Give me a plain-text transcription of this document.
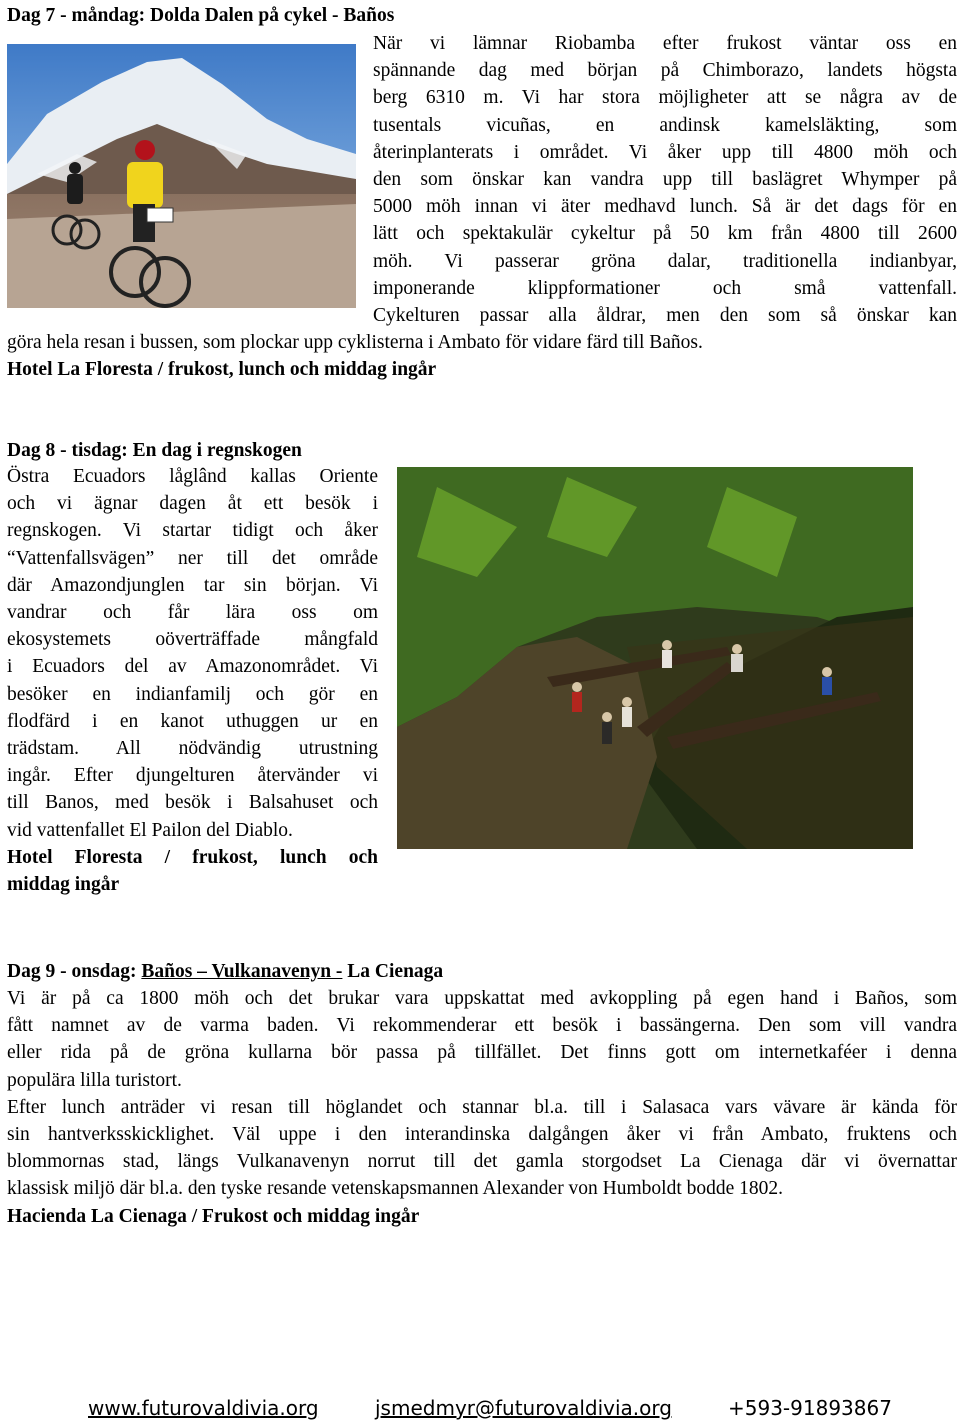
Dag 7 - måndag: Dolda Dalen på cykel - Baños
När vi lämnar Riobamba efter frukost väntar oss en
spännande dag med början på Chimborazo, landets högsta
berg 6310 m. Vi har stora möjligheter att se några av de
tusentals vicuñas, en andinsk kamelsläkting, som
återinplanterats i området. Vi åker upp till 4800 möh och
den som önskar kan vandra upp till baslägret Whymper på
5000 möh innan vi äter medhavd lunch. Så är det dags för en
lätt och spektakulär cykeltur på 50 km från 4800 till 2600
möh. Vi passerar gröna dalar, traditionella indianbyar,
imponerande klippformationer och små vattenfall.
Cykelturen passar alla åldrar, men den som så önskar kan
göra hela resan i bussen, som plockar upp cyklisterna i Ambato för vidare färd till Baños.
Hotel La Floresta / frukost, lunch och middag ingår
Dag 8 - tisdag: En dag i regnskogen
Östra Ecuadors låglând kallas Oriente
och vi ägnar dagen åt ett besök i
regnskogen. Vi startar tidigt och åker
“Vattenfallsvägen” ner till det område
där Amazondjunglen tar sin början. Vi
vandrar och får lära oss om
ekosystemets oöverträffade mångfald
i Ecuadors del av Amazonområdet. Vi
besöker en indianfamilj och gör en
flodfärd i en kanot uthuggen ur en
trädstam. All nödvändig utrustning
ingår. Efter djungelturen återvänder vi
till Banos, med besök i Balsahuset och
vid vattenfallet El Pailon del Diablo.
Hotel Floresta / frukost, lunch och
middag ingår
Dag 9 - onsdag: Baños – Vulkanavenyn - La Cienaga
Vi är på ca 1800 möh och det brukar vara uppskattat med avkoppling på egen hand i Baños, som
fått namnet av de varma baden. Vi rekommenderar ett besök i bassängerna. Den som vill vandra
eller rida på de gröna kullarna bör passa på tillfället. Det finns gott om internetkaféer i denna
populära lilla turistort.
Efter lunch anträder vi resan till höglandet och stannar bl.a. till i Salasaca vars vävare är kända för
sin hantverksskicklighet. Väl uppe i den interandinska dalgången åker vi från Ambato, fruktens och
blommornas stad, längs Vulkanavenyn norrut till det gamla storgodset La Cienaga där vi övernattar
klassisk miljö där bl.a. den tyske resande vetenskapsmannen Alexander von Humboldt bodde 1802.
Hacienda La Cienaga / Frukost och middag ingår
www.futurovaldivia.org	jsmedmyr@futurovaldivia.org	+593-91893867
